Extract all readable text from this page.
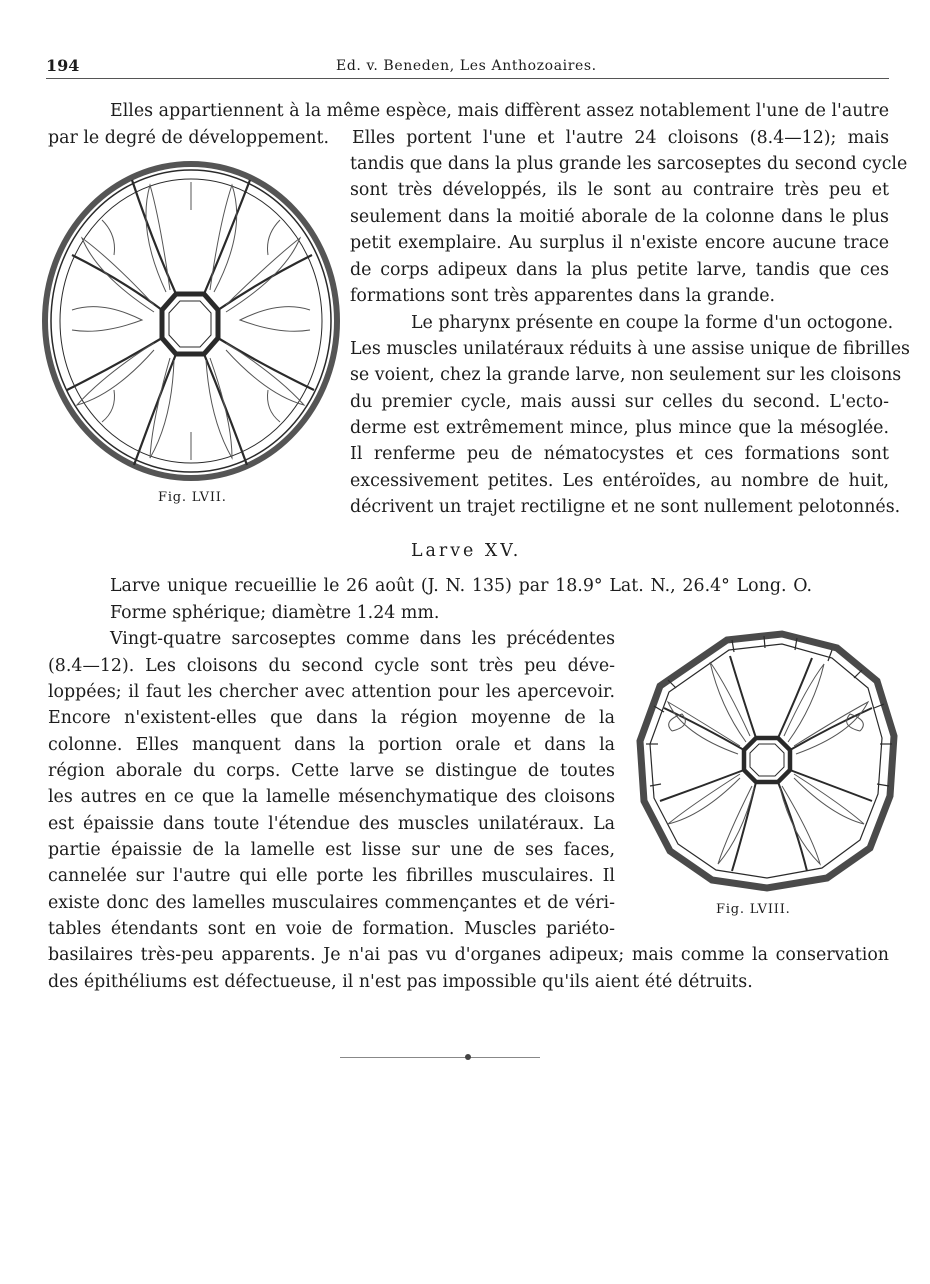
194	Ed. v. Beneden, Les Anthozoaires.
Elles appartiennent à la même espèce, mais diffèrent assez notablement l'une de l'autre
par le degré de développement. Elles portent l'une et l'autre 24 cloisons (8.4—12); mais
tandis que dans la plus grande les sarcoseptes du second cycle
sont très développés, ils le sont au contraire très peu et
seulement dans la moitié aborale de la colonne dans le plus
petit exemplaire. Au surplus il n'existe encore aucune trace
de corps adipeux dans la plus petite larve, tandis que ces
formations sont très apparentes dans la grande.
Le pharynx présente en coupe la forme d'un octogone.
Les muscles unilatéraux réduits à une assise unique de fibrilles
se voient, chez la grande larve, non seulement sur les cloisons
du premier cycle, mais aussi sur celles du second. L'ecto-
derme est extrêmement mince, plus mince que la mésoglée.
Il renferme peu de nématocystes et ces formations sont
excessivement petites. Les entéroïdes, au nombre de huit,
décrivent un trajet rectiligne et ne sont nullement pelotonnés.
Fig. LVII.
Larve XV.
Larve unique recueillie le 26 août (J. N. 135) par 18.9° Lat. N., 26.4° Long. O.
Forme sphérique; diamètre 1.24 mm.
Vingt-quatre sarcoseptes comme dans les précédentes
(8.4—12). Les cloisons du second cycle sont très peu déve-
loppées; il faut les chercher avec attention pour les apercevoir.
Encore n'existent-elles que dans la région moyenne de la
colonne. Elles manquent dans la portion orale et dans la
région aborale du corps. Cette larve se distingue de toutes
les autres en ce que la lamelle mésenchymatique des cloisons
est épaissie dans toute l'étendue des muscles unilatéraux. La
partie épaissie de la lamelle est lisse sur une de ses faces,
cannelée sur l'autre qui elle porte les fibrilles musculaires. Il
existe donc des lamelles musculaires commençantes et de véri-
tables étendants sont en voie de formation. Muscles pariéto-
basilaires très-peu apparents. Je n'ai pas vu d'organes adipeux; mais comme la conservation
des épithéliums est défectueuse, il n'est pas impossible qu'ils aient été détruits.
Fig. LVIII.
